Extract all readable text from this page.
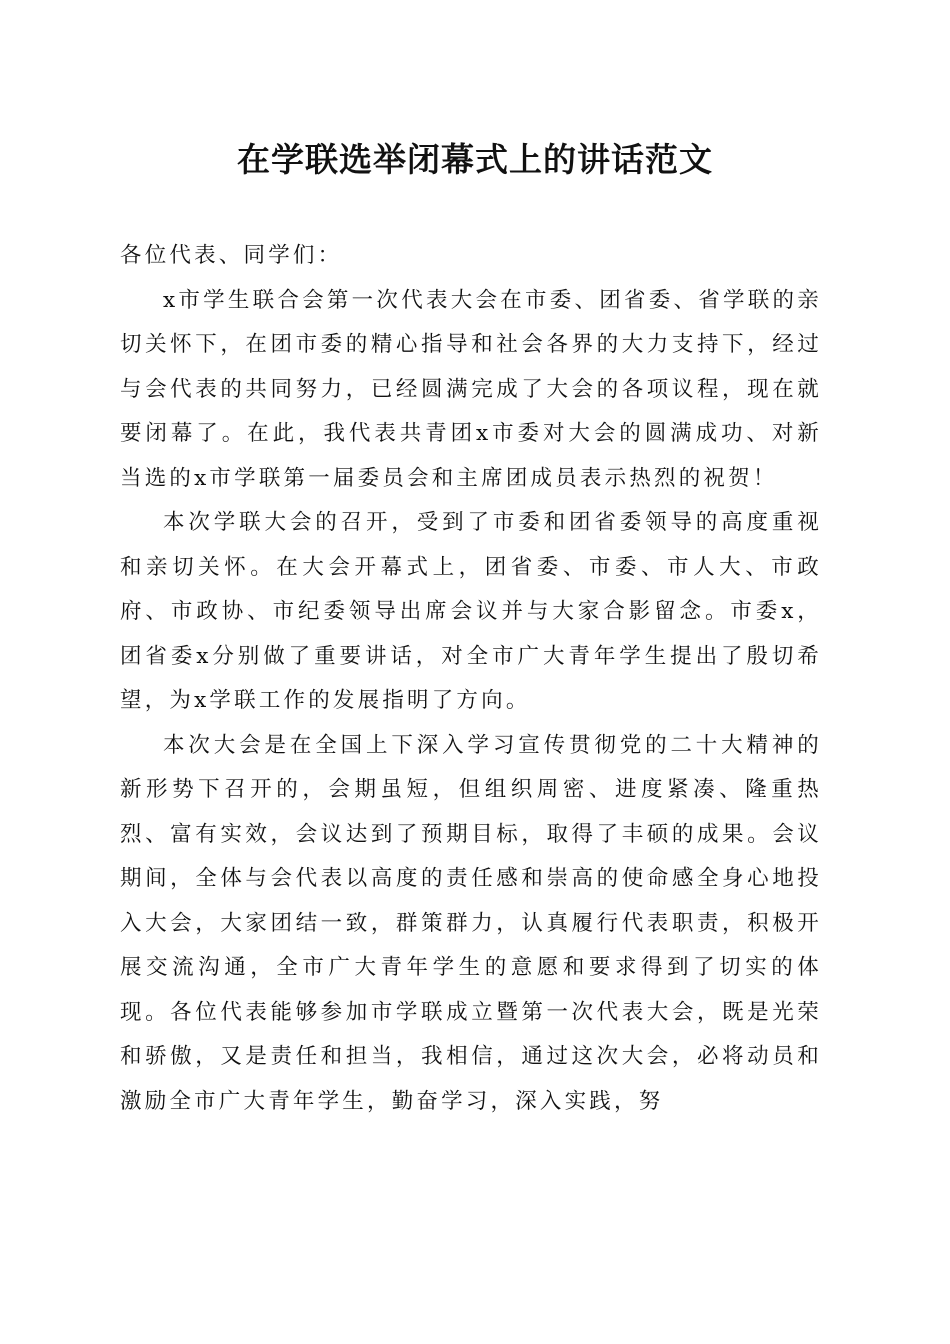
在学联选举闭幕式上的讲话范文

各位代表、同学们：

x市学生联合会第一次代表大会在市委、团省委、省学联的亲切关怀下，在团市委的精心指导和社会各界的大力支持下，经过与会代表的共同努力，已经圆满完成了大会的各项议程，现在就要闭幕了。在此，我代表共青团x市委对大会的圆满成功、对新当选的x市学联第一届委员会和主席团成员表示热烈的祝贺！

本次学联大会的召开，受到了市委和团省委领导的高度重视和亲切关怀。在大会开幕式上，团省委、市委、市人大、市政府、市政协、市纪委领导出席会议并与大家合影留念。市委x，团省委x分别做了重要讲话，对全市广大青年学生提出了殷切希望，为x学联工作的发展指明了方向。

本次大会是在全国上下深入学习宣传贯彻党的二十大精神的新形势下召开的，会期虽短，但组织周密、进度紧凑、隆重热烈、富有实效，会议达到了预期目标，取得了丰硕的成果。会议期间，全体与会代表以高度的责任感和崇高的使命感全身心地投入大会，大家团结一致，群策群力，认真履行代表职责，积极开展交流沟通，全市广大青年学生的意愿和要求得到了切实的体现。各位代表能够参加市学联成立暨第一次代表大会，既是光荣和骄傲，又是责任和担当，我相信，通过这次大会，必将动员和激励全市广大青年学生，勤奋学习，深入实践，努
